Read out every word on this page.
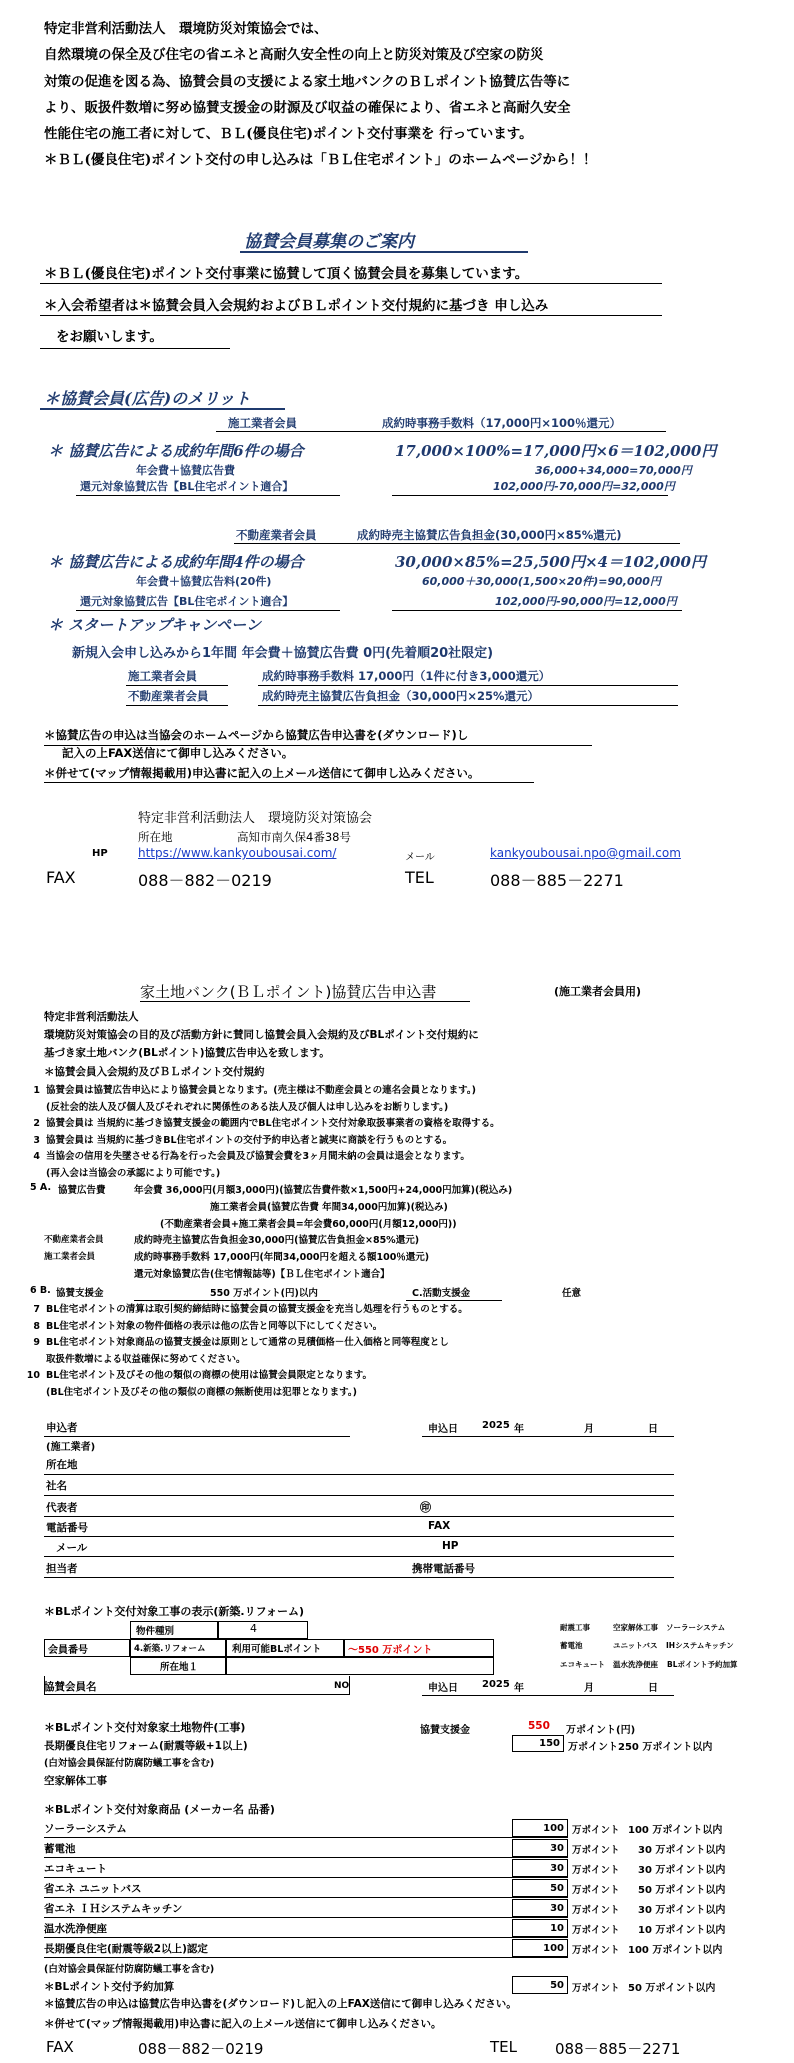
特定非営利活動法人　環境防災対策協会では、
自然環境の保全及び住宅の省エネと高耐久安全性の向上と防災対策及び空家の防災
対策の促進を図る為、協賛会員の支援による家土地バンクのＢＬポイント協賛広告等に
より、販扱件数増に努め協賛支援金の財源及び収益の確保により、省エネと高耐久安全
性能住宅の施工者に対して、ＢＬ(優良住宅)ポイント交付事業を 行っています。
＊ＢＬ(優良住宅)ポイント交付の申し込みは「ＢＬ住宅ポイント」のホームページから！！
協賛会員募集のご案内
＊ＢＬ(優良住宅)ポイント交付事業に協賛して頂く協賛会員を募集しています。
＊入会希望者は＊協賛会員入会規約およびＢＬポイント交付規約に基づき 申し込み
をお願いします。
＊協賛会員(広告)のメリット
施工業者会員	成約時事務手数料（17,000円×100％還元）
＊ 協賛広告による成約年間6件の場合	17,000×100%=17,000円×6＝102,000円
年会費＋協賛広告費	36,000+34,000=70,000円
還元対象協賛広告【BL住宅ポイント適合】	102,000円-70,000円=32,000円
不動産業者会員	成約時売主協賛広告負担金(30,000円×85%還元)
＊ 協賛広告による成約年間4件の場合	30,000×85%=25,500円×4＝102,000円
年会費＋協賛広告料(20件)	60,000＋30,000(1,500×20件)=90,000円
還元対象協賛広告【BL住宅ポイント適合】	102,000円-90,000円=12,000円
＊ スタートアップキャンペーン
新規入会申し込みから1年間 年会費＋協賛広告費 0円(先着順20社限定)
施工業者会員	成約時事務手数料 17,000円（1件に付き3,000還元）
不動産業者会員	成約時売主協賛広告負担金（30,000円×25%還元）
＊協賛広告の申込は当協会のホームページから協賛広告申込書を(ダウンロード)し
記入の上FAX送信にて御申し込みください。
＊併せて(マップ情報掲載用)申込書に記入の上メール送信にて御申し込みください。
特定非営利活動法人　環境防災対策協会
所在地	高知市南久保4番38号
HP	https://www.kankyoubousai.com/	メール	kankyoubousai.npo@gmail.com
FAX	088－882－0219	TEL	088－885－2271
家土地バンク(ＢＬポイント)協賛広告申込書	(施工業者会員用)
特定非営利活動法人
環境防災対策協会の目的及び活動方針に賛同し協賛会員入会規約及びBLポイント交付規約に
基づき家土地バンク(BLポイント)協賛広告申込を致します。
＊協賛会員入会規約及びＢＬポイント交付規約
1 協賛会員は協賛広告申込により協賛会員となります。(売主様は不動産会員との連名会員となります。)
(反社会的法人及び個人及びそれぞれに関係性のある法人及び個人は申し込みをお断りします。)
2 協賛会員は 当規約に基づき協賛支援金の範囲内でBL住宅ポイント交付対象取扱事業者の資格を取得する。
3 協賛会員は 当規約に基づきBL住宅ポイントの交付予約申込者と誠実に商談を行うものとする。
4 当協会の信用を失墜させる行為を行った会員及び協賛会費を3ヶ月間未納の会員は退会となります。
(再入会は当協会の承認により可能です。)
5 A. 協賛広告費	年会費 36,000円(月額3,000円)(協賛広告費件数×1,500円+24,000円加算)(税込み)
施工業者会員(協賛広告費 年間34,000円加算)(税込み)
(不動産業者会員+施工業者会員=年会費60,000円(月額12,000円))
不動産業者会員	成約時売主協賛広告負担金30,000円(協賛広告負担金×85%還元)
施工業者会員	成約時事務手数料 17,000円(年間34,000円を超える額100％還元)
還元対象協賛広告(住宅情報誌等)【ＢＬ住宅ポイント適合】
6 B. 協賛支援金	550 万ポイント(円)以内	C.活動支援金	任意
7 BL住宅ポイントの清算は取引契約締結時に協賛会員の協賛支援金を充当し処理を行うものとする。
8 BL住宅ポイント対象の物件価格の表示は他の広告と同等以下にしてください。
9 BL住宅ポイント対象商品の協賛支援金は原則として通常の見積価格－仕入価格と同等程度とし
取扱件数増による収益確保に努めてください。
10 BL住宅ポイント及びその他の類似の商標の使用は協賛会員限定となります。
(BL住宅ポイント及びその他の類似の商標の無断使用は犯罪となります。)
申込者	申込日 2025 年	月	日
(施工業者)
所在地
社名
代表者	㊞
電話番号	FAX
メール	HP
担当者	携帯電話番号
＊BLポイント交付対象工事の表示(新築.リフォーム)
物件種別	4
会員番号	4.新築.リフォーム	利用可能BLポイント	～550 万ポイント
所在地１
協賛会員名	NO	申込日 2025 年	月	日
耐震工事	空家解体工事	ソーラーシステム
蓄電池	ユニットバス	IHシステムキッチン
エコキュート	温水洗浄便座	BLポイント予約加算
＊BLポイント交付対象家土地物件(工事)	協賛支援金	550 万ポイント(円)
長期優良住宅リフォーム(耐震等級+1以上)	150 万ポイント250 万ポイント以内
(白対協会員保証付防腐防蟻工事を含む)
空家解体工事
＊BLポイント交付対象商品 (メーカー名 品番)
ソーラーシステム	100 万ポイント 100 万ポイント以内
蓄電池	30 万ポイント 30 万ポイント以内
エコキュート	30 万ポイント 30 万ポイント以内
省エネ ユニットバス	50 万ポイント 50 万ポイント以内
省エネ ＩＨシステムキッチン	30 万ポイント 30 万ポイント以内
温水洗浄便座	10 万ポイント 10 万ポイント以内
長期優良住宅(耐震等級2以上)認定	100 万ポイント 100 万ポイント以内
(白対協会員保証付防腐防蟻工事を含む)
＊BLポイント交付予約加算	50 万ポイント 50 万ポイント以内
＊協賛広告の申込は協賛広告申込書を(ダウンロード)し記入の上FAX送信にて御申し込みください。
＊併せて(マップ情報掲載用)申込書に記入の上メール送信にて御申し込みください。
FAX	088－882－0219	TEL	088－885－2271
